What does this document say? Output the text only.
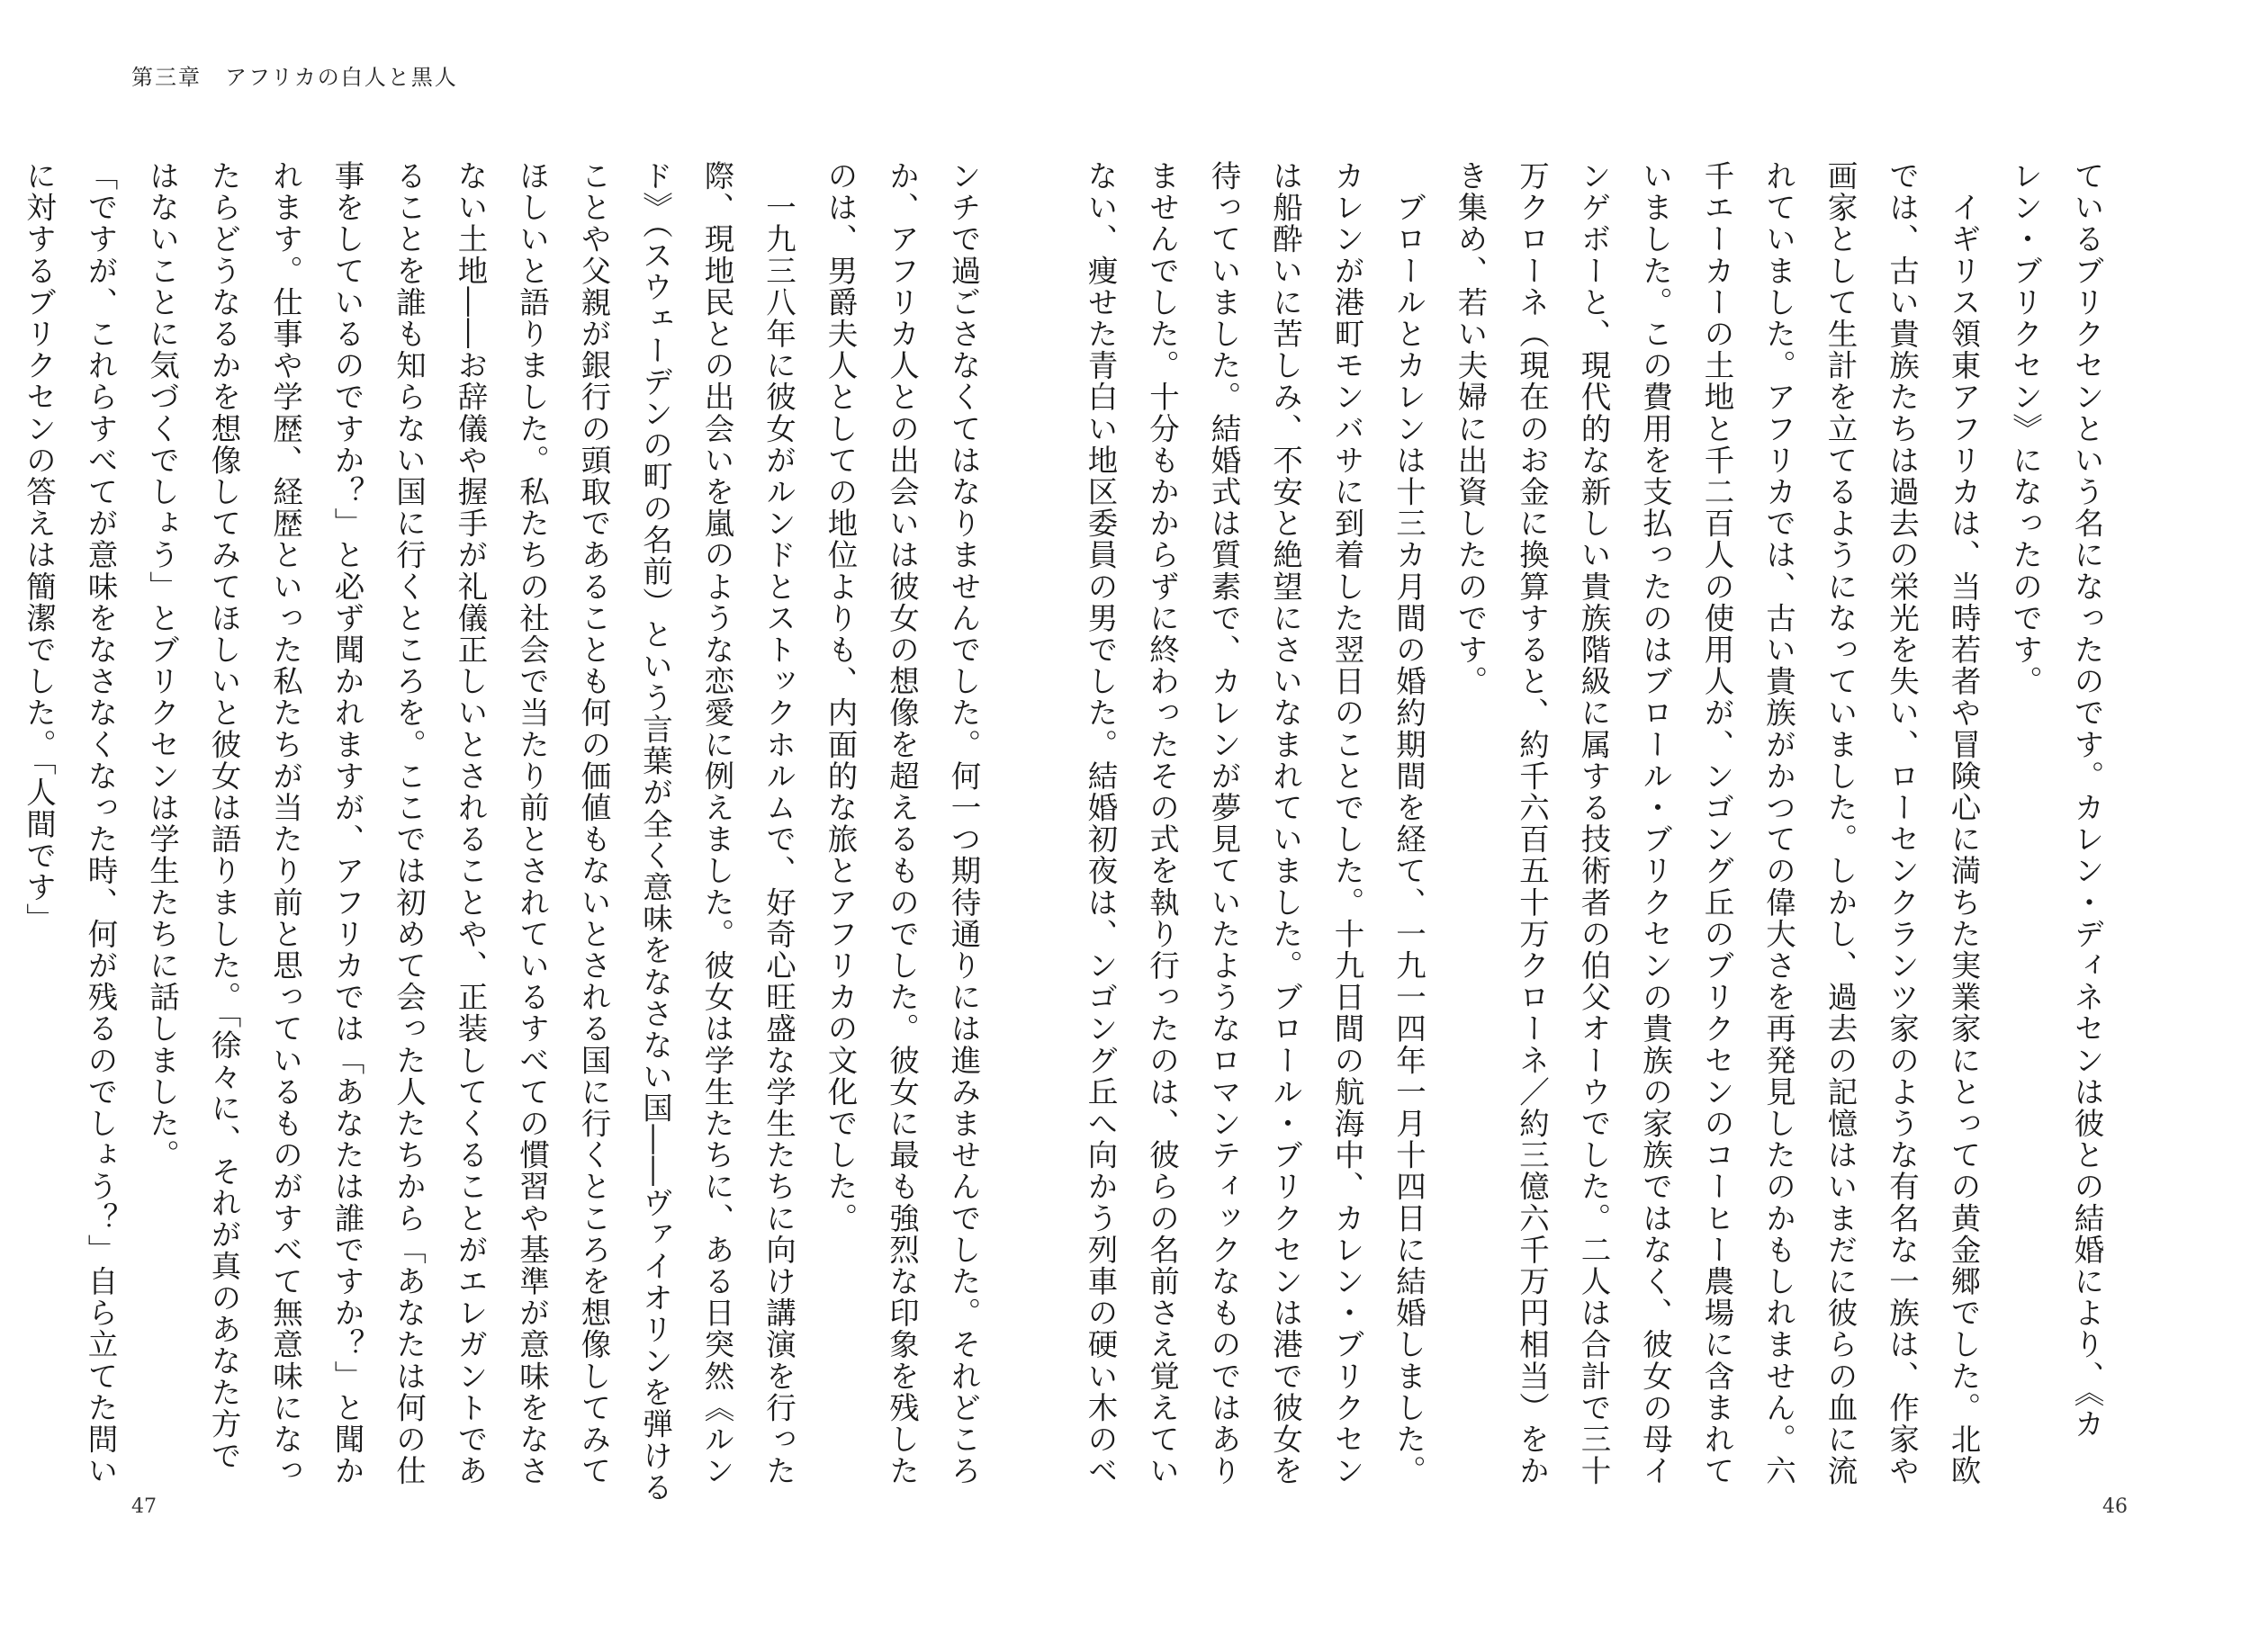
第三章　アフリカの白人と黒人
ているブリクセンという名になったのです。カレン・ディネセンは彼との結婚により、《カ
レン・ブリクセン》になったのです。
　イギリス領東アフリカは、当時若者や冒険心に満ちた実業家にとっての黄金郷でした。北欧
では、古い貴族たちは過去の栄光を失い、ローセンクランツ家のような有名な一族は、作家や
画家として生計を立てるようになっていました。しかし、過去の記憶はいまだに彼らの血に流
れていました。アフリカでは、古い貴族がかつての偉大さを再発見したのかもしれません。六
千エーカーの土地と千二百人の使用人が、ンゴング丘のブリクセンのコーヒー農場に含まれて
いました。この費用を支払ったのはブロール・ブリクセンの貴族の家族ではなく、彼女の母イ
ンゲボーと、現代的な新しい貴族階級に属する技術者の伯父オーウでした。二人は合計で三十
万クローネ（現在のお金に換算すると、約千六百五十万クローネ／約三億六千万円相当）をか
き集め、若い夫婦に出資したのです。
　ブロールとカレンは十三カ月間の婚約期間を経て、一九一四年一月十四日に結婚しました。
カレンが港町モンバサに到着した翌日のことでした。十九日間の航海中、カレン・ブリクセン
は船酔いに苦しみ、不安と絶望にさいなまれていました。ブロール・ブリクセンは港で彼女を
待っていました。結婚式は質素で、カレンが夢見ていたようなロマンティックなものではあり
ませんでした。十分もかからずに終わったその式を執り行ったのは、彼らの名前さえ覚えてい
ない、痩せた青白い地区委員の男でした。結婚初夜は、ンゴング丘へ向かう列車の硬い木のベ
ンチで過ごさなくてはなりませんでした。何一つ期待通りには進みませんでした。それどころ
か、アフリカ人との出会いは彼女の想像を超えるものでした。彼女に最も強烈な印象を残した
のは、男爵夫人としての地位よりも、内面的な旅とアフリカの文化でした。
　一九三八年に彼女がルンドとストックホルムで、好奇心旺盛な学生たちに向け講演を行った
際、現地民との出会いを嵐のような恋愛に例えました。彼女は学生たちに、ある日突然《ルン
ド》（スウェーデンの町の名前）という言葉が全く意味をなさない国――ヴァイオリンを弾ける
ことや父親が銀行の頭取であることも何の価値もないとされる国に行くところを想像してみて
ほしいと語りました。私たちの社会で当たり前とされているすべての慣習や基準が意味をなさ
ない土地――お辞儀や握手が礼儀正しいとされることや、正装してくることがエレガントであ
ることを誰も知らない国に行くところを。ここでは初めて会った人たちから「あなたは何の仕
事をしているのですか？」と必ず聞かれますが、アフリカでは「あなたは誰ですか？」と聞か
れます。仕事や学歴、経歴といった私たちが当たり前と思っているものがすべて無意味になっ
たらどうなるかを想像してみてほしいと彼女は語りました。「徐々に、それが真のあなた方で
はないことに気づくでしょう」とブリクセンは学生たちに話しました。
「ですが、これらすべてが意味をなさなくなった時、何が残るのでしょう？」自ら立てた問い
に対するブリクセンの答えは簡潔でした。「人間です」
47	46
